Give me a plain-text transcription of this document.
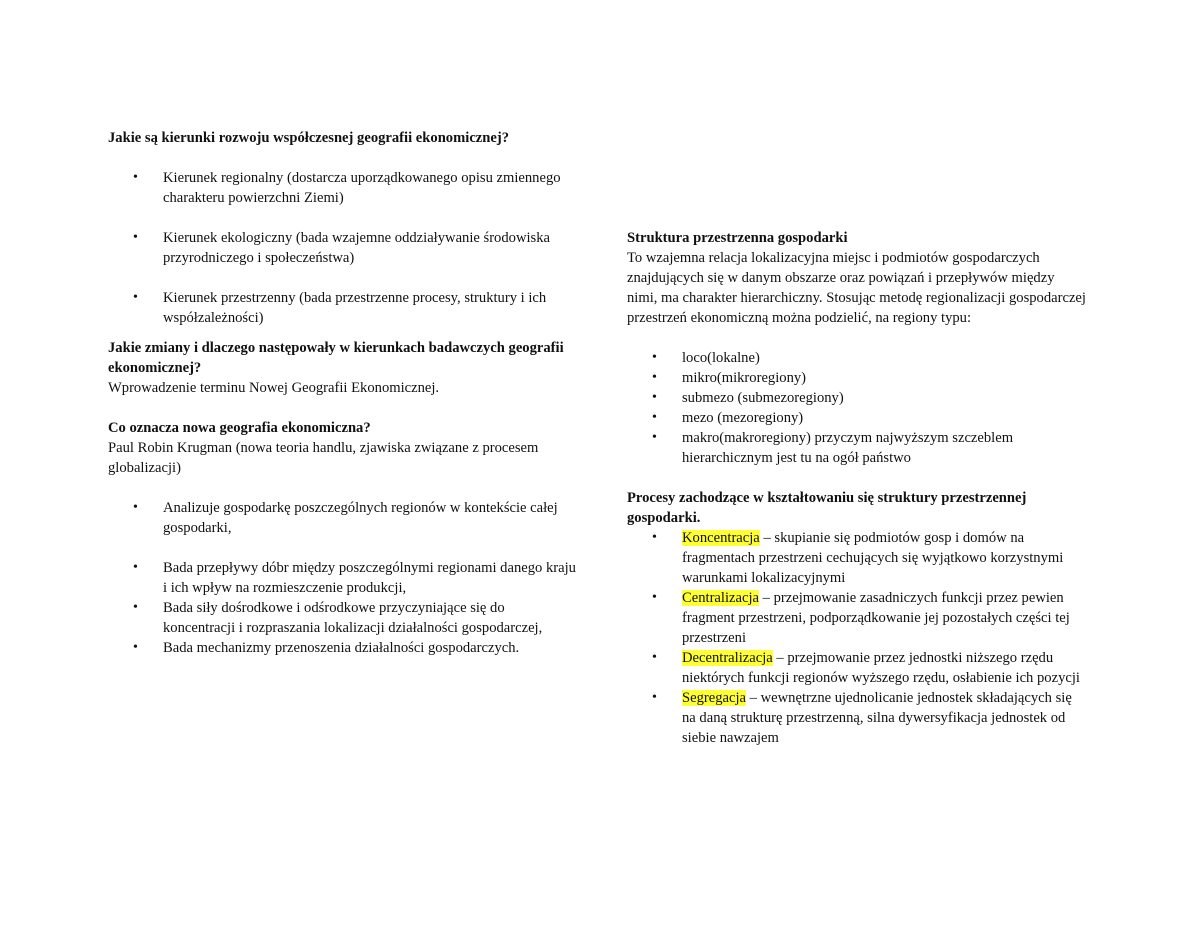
Jakie są kierunki rozwoju współczesnej geografii ekonomicznej?

• Kierunek regionalny (dostarcza uporządkowanego opisu zmiennego charakteru powierzchni Ziemi)
• Kierunek ekologiczny (bada wzajemne oddziaływanie środowiska przyrodniczego i społeczeństwa)
• Kierunek przestrzenny (bada przestrzenne procesy, struktury i ich współzależności)

Jakie zmiany i dlaczego następowały w kierunkach badawczych geografii ekonomicznej?

Wprowadzenie terminu Nowej Geografii Ekonomicznej.

Co oznacza nowa geografia ekonomiczna?

Paul Robin Krugman (nowa teoria handlu, zjawiska związane z procesem globalizacji)

• Analizuje gospodarkę poszczególnych regionów w kontekście całej gospodarki,
• Bada przepływy dóbr między poszczególnymi regionami danego kraju i ich wpływ na rozmieszczenie produkcji,
• Bada siły dośrodkowe i odśrodkowe przyczyniające się do koncentracji i rozpraszania lokalizacji działalności gospodarczej,
• Bada mechanizmy przenoszenia działalności gospodarczych.

Struktura przestrzenna gospodarki

To wzajemna relacja lokalizacyjna miejsc i podmiotów gospodarczych znajdujących się w danym obszarze oraz powiązań i przepływów między nimi, ma charakter hierarchiczny. Stosując metodę regionalizacji gospodarczej przestrzeń ekonomiczną można podzielić, na regiony typu:

• loco(lokalne)
• mikro(mikroregiony)
• submezo (submezoregiony)
• mezo (mezoregiony)
• makro(makroregiony) przyczym najwyższym szczeblem hierarchicznym jest tu na ogół państwo

Procesy zachodzące w kształtowaniu się struktury przestrzennej gospodarki.

• Koncentracja – skupianie się podmiotów gosp i domów na fragmentach przestrzeni cechujących się wyjątkowo korzystnymi warunkami lokalizacyjnymi
• Centralizacja – przejmowanie zasadniczych funkcji przez pewien fragment przestrzeni, podporządkowanie jej pozostałych części tej przestrzeni
• Decentralizacja – przejmowanie przez jednostki niższego rzędu niektórych funkcji regionów wyższego rzędu, osłabienie ich pozycji
• Segregacja – wewnętrzne ujednolicanie jednostek składających się na daną strukturę przestrzenną, silna dywersyfikacja jednostek od siebie nawzajem
